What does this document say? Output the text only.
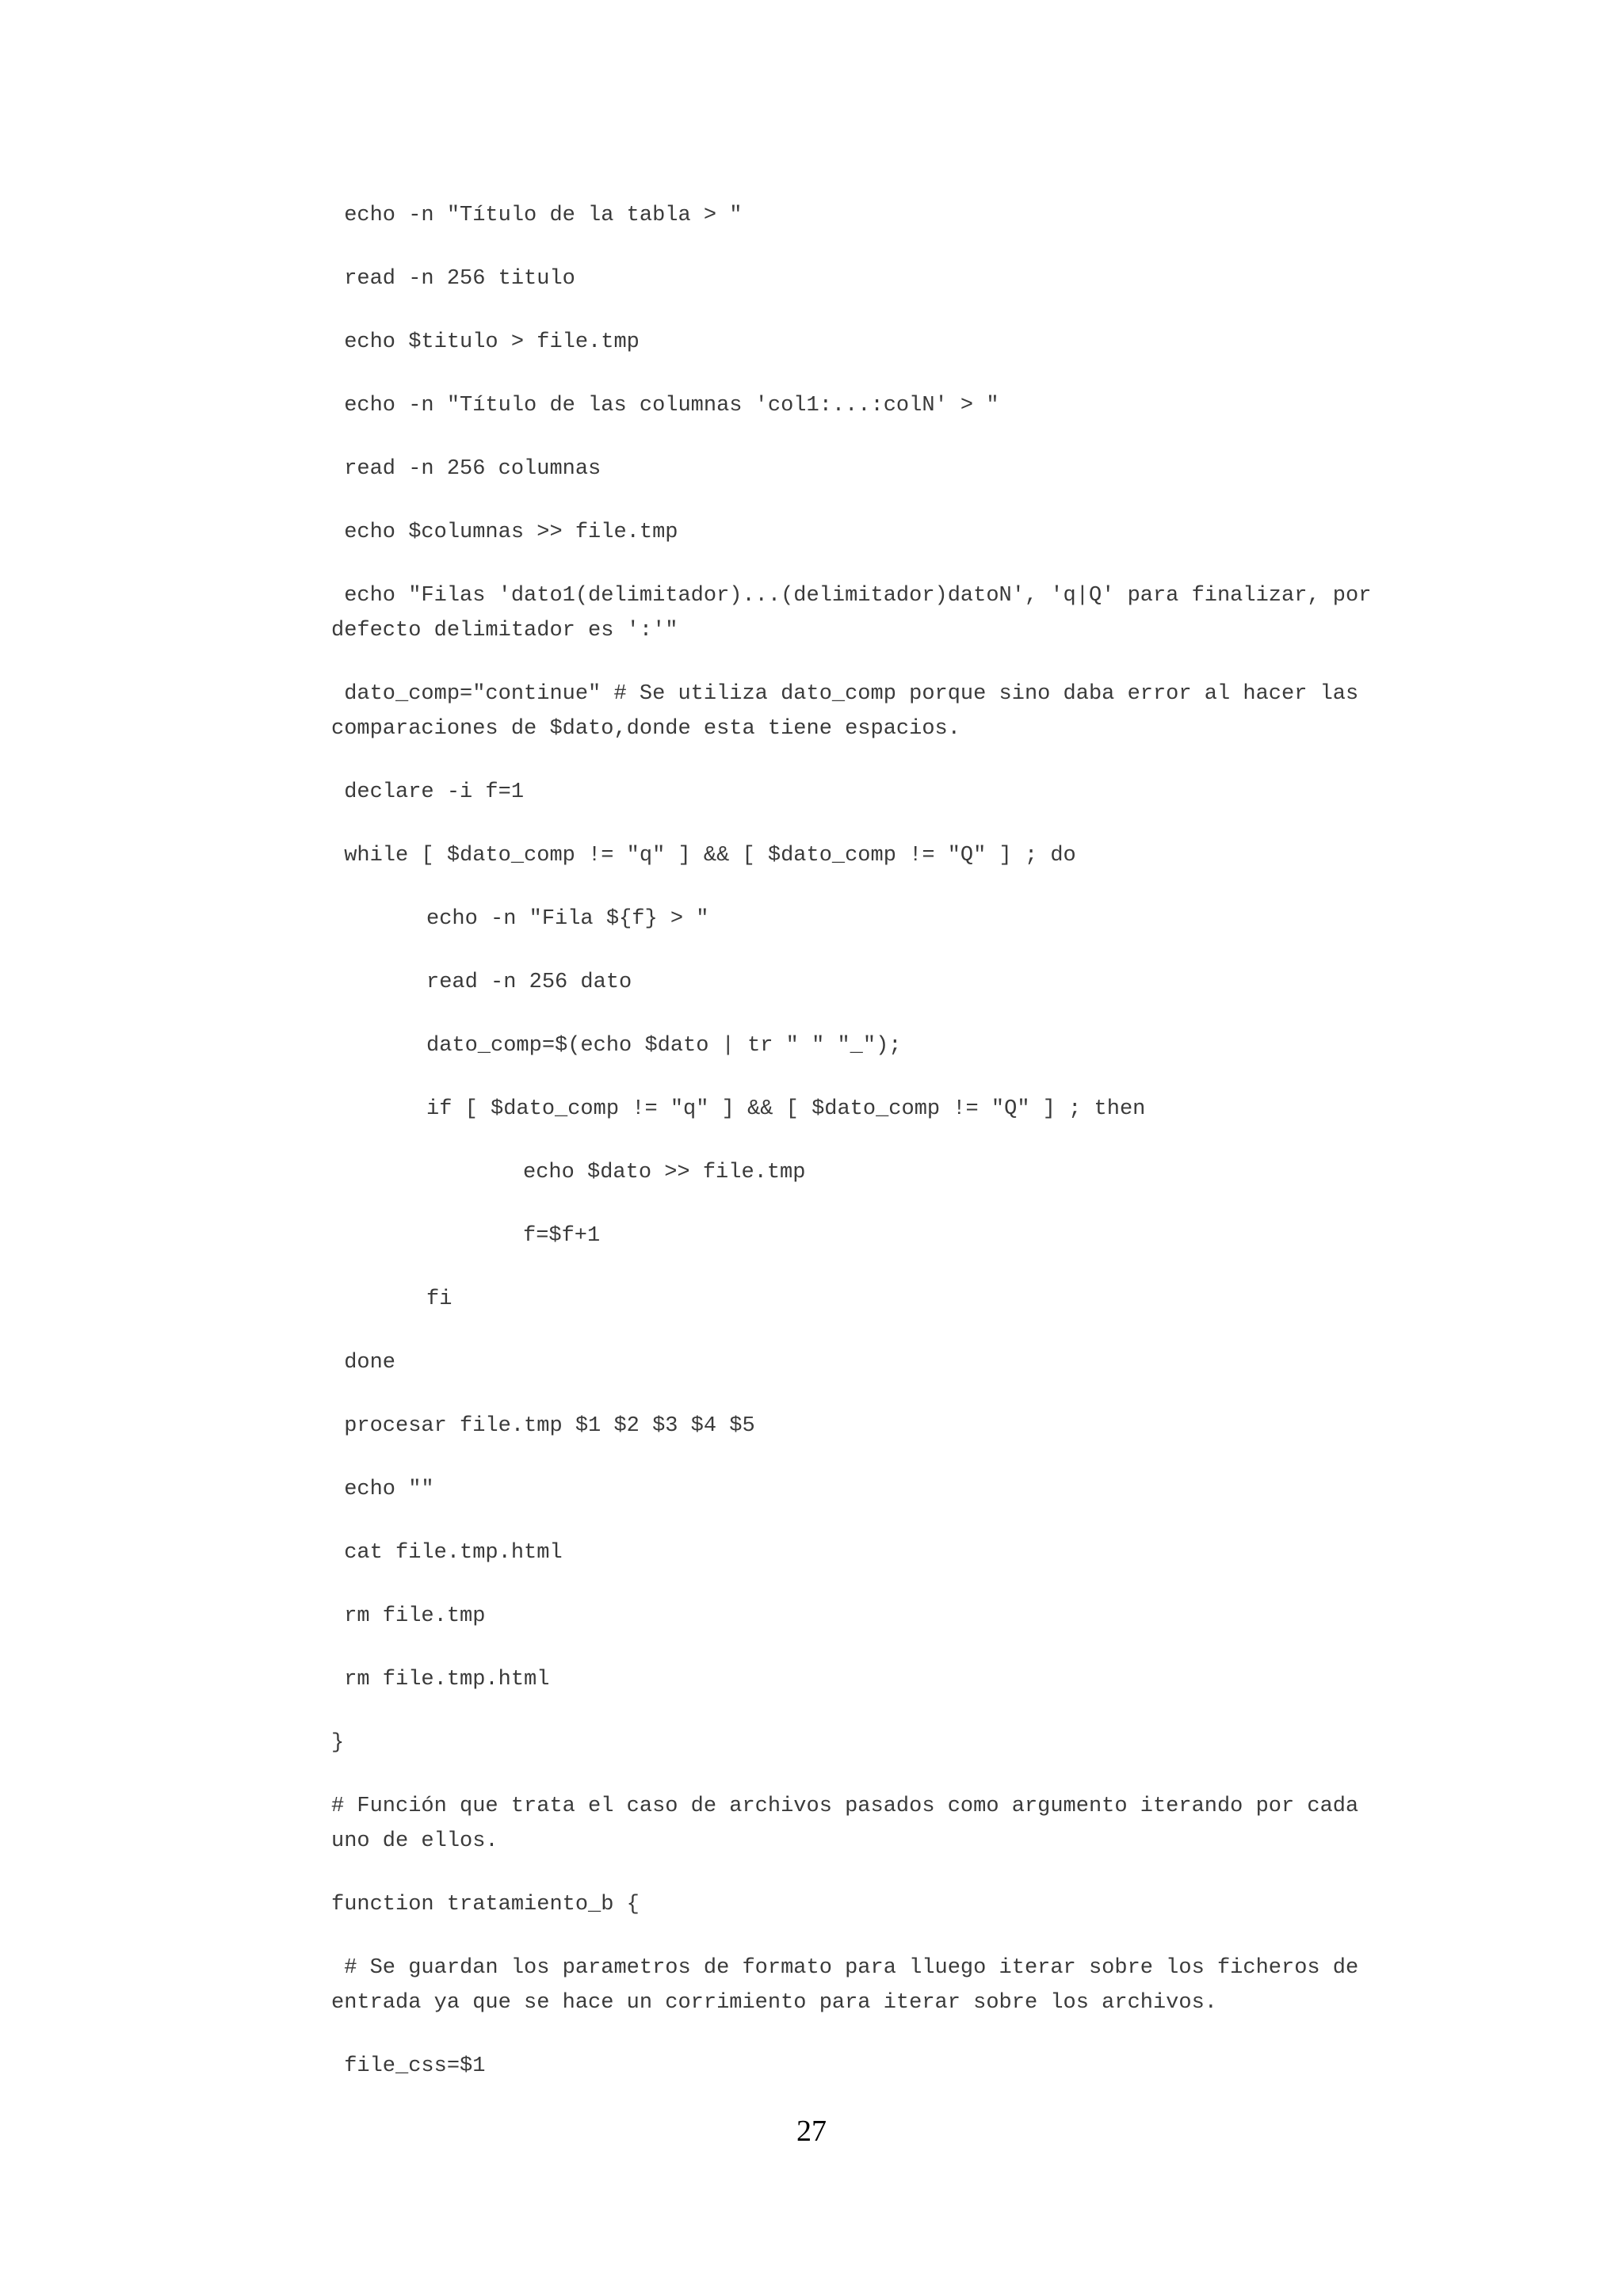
echo -n "Título de la tabla > "
read -n 256 titulo
echo $titulo > file.tmp
echo -n "Título de las columnas 'col1:...:colN' > "
read -n 256 columnas
echo $columnas >> file.tmp
echo "Filas 'dato1(delimitador)...(delimitador)datoN', 'q|Q' para finalizar, por
defecto delimitador es ':'"
dato_comp="continue" # Se utiliza dato_comp porque sino daba error al hacer las
comparaciones de $dato,donde esta tiene espacios.
declare -i f=1
while [ $dato_comp != "q" ] && [ $dato_comp != "Q" ] ; do
echo -n "Fila ${f} > "
read -n 256 dato
dato_comp=$(echo $dato | tr " " "_");
if [ $dato_comp != "q" ] && [ $dato_comp != "Q" ] ; then
echo $dato >> file.tmp
f=$f+1
fi
done
procesar file.tmp $1 $2 $3 $4 $5
echo ""
cat file.tmp.html
rm file.tmp
rm file.tmp.html
}
# Función que trata el caso de archivos pasados como argumento iterando por cada
uno de ellos.
function tratamiento_b {
# Se guardan los parametros de formato para lluego iterar sobre los ficheros de
entrada ya que se hace un corrimiento para iterar sobre los archivos.
file_css=$1
27
